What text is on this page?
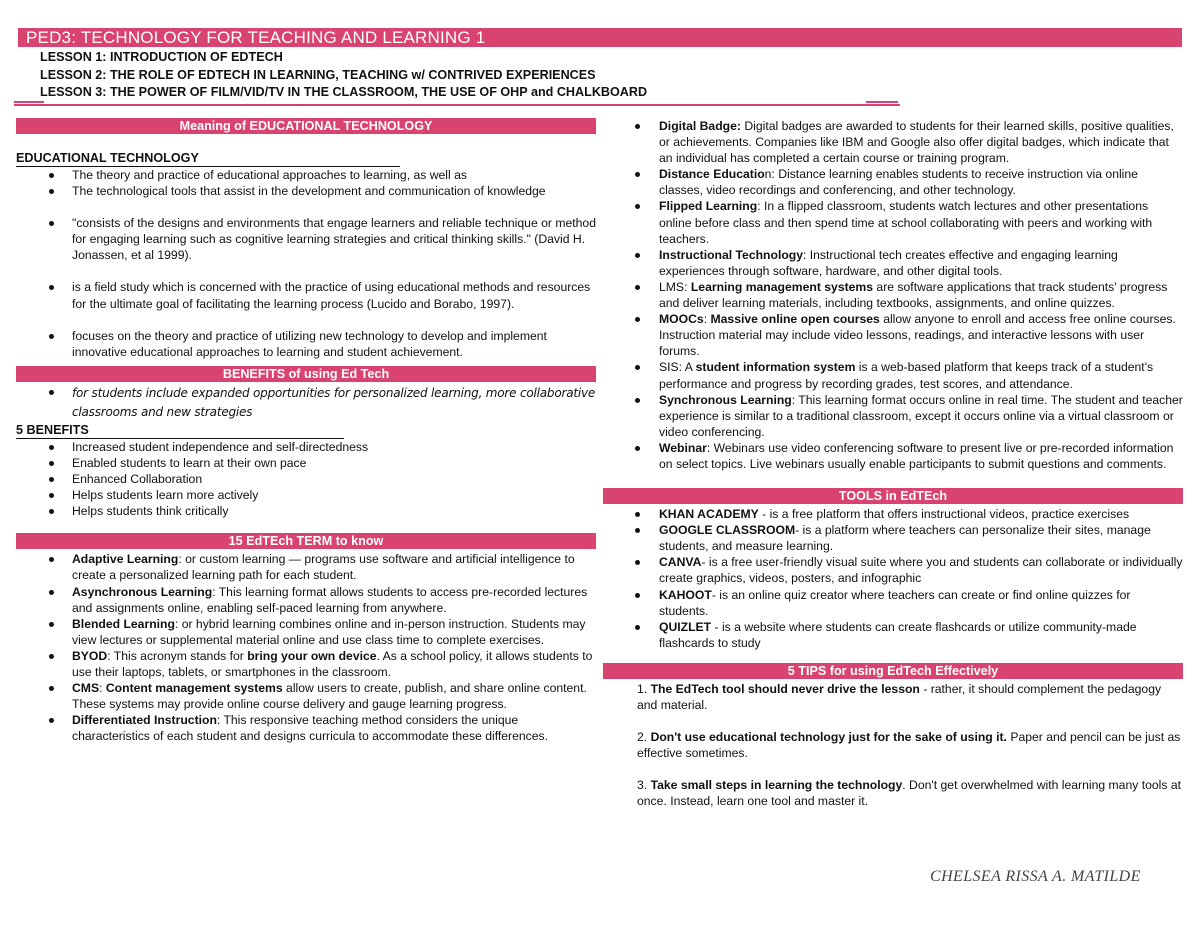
PED3: TECHNOLOGY FOR TEACHING AND LEARNING 1
LESSON 1: INTRODUCTION OF EDTECH
LESSON 2: THE ROLE OF EDTECH IN LEARNING, TEACHING w/ CONTRIVED EXPERIENCES
LESSON 3: THE POWER OF FILM/VID/TV IN THE CLASSROOM, THE USE OF OHP and CHALKBOARD
Meaning of EDUCATIONAL TECHNOLOGY
EDUCATIONAL TECHNOLOGY
The theory and practice of educational approaches to learning, as well as
The technological tools that assist in the development and communication of knowledge
"consists of the designs and environments that engage learners and reliable technique or method for engaging learning such as cognitive learning strategies and critical thinking skills." (David H. Jonassen, et al 1999).
is a field study which is concerned with the practice of using educational methods and resources for the ultimate goal of facilitating the learning process (Lucido and Borabo, 1997).
focuses on the theory and practice of utilizing new technology to develop and implement innovative educational approaches to learning and student achievement.
BENEFITS of using Ed Tech
for students include expanded opportunities for personalized learning, more collaborative classrooms and new strategies
5 BENEFITS
Increased student independence and self-directedness
Enabled students to learn at their own pace
Enhanced Collaboration
Helps students learn more actively
Helps students think critically
15 EdTEch TERM to know
Adaptive Learning: or custom learning — programs use software and artificial intelligence to create a personalized learning path for each student.
Asynchronous Learning: This learning format allows students to access pre-recorded lectures and assignments online, enabling self-paced learning from anywhere.
Blended Learning: or hybrid learning combines online and in-person instruction. Students may view lectures or supplemental material online and use class time to complete exercises.
BYOD: This acronym stands for bring your own device. As a school policy, it allows students to use their laptops, tablets, or smartphones in the classroom.
CMS: Content management systems allow users to create, publish, and share online content. These systems may provide online course delivery and gauge learning progress.
Differentiated Instruction: This responsive teaching method considers the unique characteristics of each student and designs curricula to accommodate these differences.
Digital Badge: Digital badges are awarded to students for their learned skills, positive qualities, or achievements. Companies like IBM and Google also offer digital badges, which indicate that an individual has completed a certain course or training program.
Distance Education: Distance learning enables students to receive instruction via online classes, video recordings and conferencing, and other technology.
Flipped Learning: In a flipped classroom, students watch lectures and other presentations online before class and then spend time at school collaborating with peers and working with teachers.
Instructional Technology: Instructional tech creates effective and engaging learning experiences through software, hardware, and other digital tools.
LMS: Learning management systems are software applications that track students' progress and deliver learning materials, including textbooks, assignments, and online quizzes.
MOOCs: Massive online open courses allow anyone to enroll and access free online courses. Instruction material may include video lessons, readings, and interactive lessons with user forums.
SIS: A student information system is a web-based platform that keeps track of a student's performance and progress by recording grades, test scores, and attendance.
Synchronous Learning: This learning format occurs online in real time. The student and teacher experience is similar to a traditional classroom, except it occurs online via a virtual classroom or video conferencing.
Webinar: Webinars use video conferencing software to present live or pre-recorded information on select topics. Live webinars usually enable participants to submit questions and comments.
TOOLS in EdTEch
KHAN ACADEMY - is a free platform that offers instructional videos, practice exercises
GOOGLE CLASSROOM- is a platform where teachers can personalize their sites, manage students, and measure learning.
CANVA- is a free user-friendly visual suite where you and students can collaborate or individually create graphics, videos, posters, and infographic
KAHOOT- is an online quiz creator where teachers can create or find online quizzes for students.
QUIZLET - is a website where students can create flashcards or utilize community-made flashcards to study
5 TIPS for using EdTech Effectively
1. The EdTech tool should never drive the lesson - rather, it should complement the pedagogy and material.
2. Don't use educational technology just for the sake of using it. Paper and pencil can be just as effective sometimes.
3. Take small steps in learning the technology. Don't get overwhelmed with learning many tools at once. Instead, learn one tool and master it.
CHELSEA RISSA A. MATILDE
